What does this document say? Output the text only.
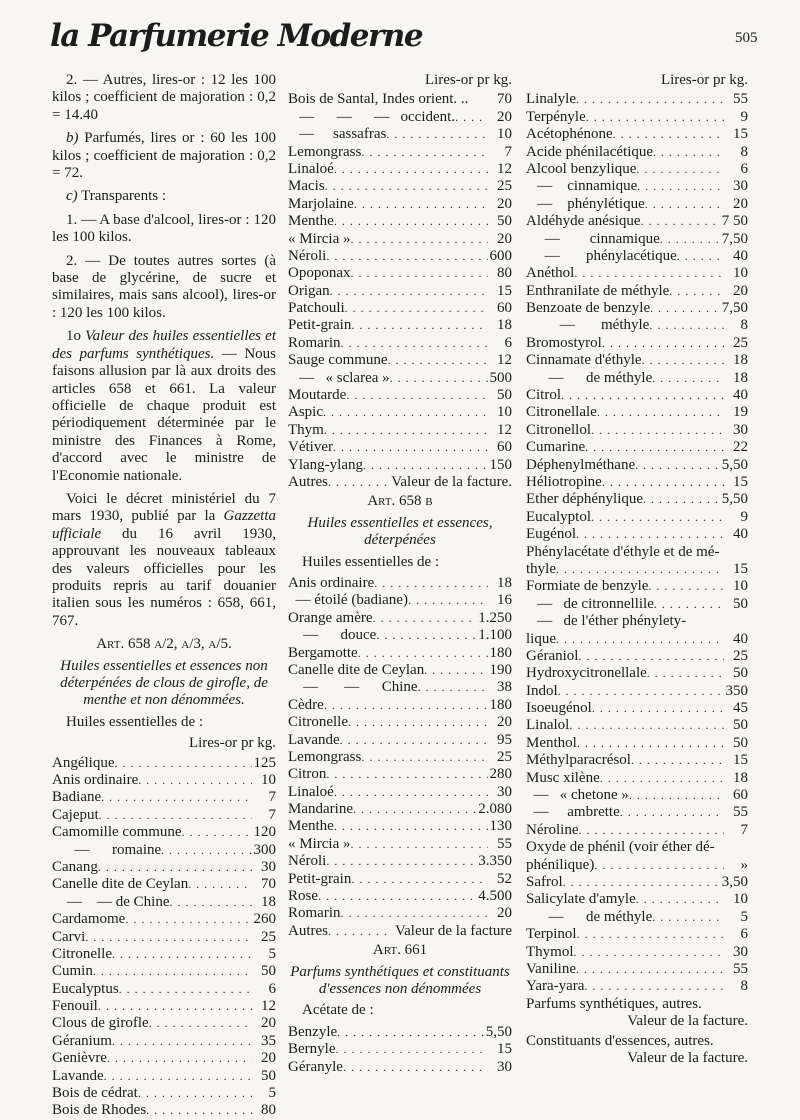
la Parfumerie Moderne	505

2. — Autres, lires-or : 12 les 100 kilos ; coefficient de majoration : 0,2 = 14.40

b) Parfumés, lires or : 60 les 100 kilos ; coefficient de majoration : 0,2 = 72.

c) Transparents :

1. — A base d'alcool, lires-or : 120 les 100 kilos.

2. — De toutes autres sortes (à base de glycérine, de sucre et similaires, mais sans alcool), lires-or : 120 les 100 kilos.

1o Valeur des huiles essentielles et des parfums synthétiques. — Nous faisons allusion par là aux droits des articles 658 et 661. La valeur officielle de chaque produit est périodiquement déterminée par le ministre des Finances à Rome, d'accord avec le ministre de l'Economie nationale.

Voici le décret ministériel du 7 mars 1930, publié par la Gazzetta ufficiale du 16 avril 1930, approuvant les nouveaux tableaux des valeurs officielles pour les produits repris au tarif douanier italien sous les numéros : 658, 661, 767.

Art. 658 a/2, a/3, a/5.
Huiles essentielles et essences non déterpénées de clous de girofle, de menthe et non dénommées.
Huiles essentielles de :
Lires-or pr kg.
Angélique . . .	125
Anis ordinaire . . .	10
Badiane . . .	7
Cajeput . . .	7
Camomille commune . . .	120
—      romaine . . .	300
Canang . . .	30
Canelle dite de Ceylan . . .	70
—    — de Chine . . .	18
Cardamome . . .	260
Carvi . . .	25
Citronelle . . .	5
Cumin . . .	50
Eucalyptus . . .	6
Fenouil . . .	12
Clous de girofle . . .	20
Géranium . . .	35
Genièvre . . .	20
Lavande . . .	50
Bois de cédrat . . .	5
Bois de Rhodes . . .	80
Lires-or pr kg.
Bois de Santal, Indes orient. ..	70
—      —      —   occident. . . .	20
—     sassafras . . .	10
Lemongrass . . .	7
Linaloé . . .	12
Macis . . .	25
Marjolaine . . .	20
Menthe . . .	50
« Mircia » . . .	20
Néroli . . .	600
Opoponax . . .	80
Origan . . .	15
Patchouli . . .	60
Petit-grain . . .	18
Romarin . . .	6
Sauge commune . . .	12
—   « sclarea » . . .	500
Moutarde . . .	50
Aspic . . .	10
Thym . . .	12
Vétiver . . .	60
Ylang-ylang . . .	150
Autres . . .	Valeur de la facture.
Art. 658 b
Huiles essentielles et essences, déterpénées
Huiles essentielles de :
Anis ordinaire . . .	18
— étoilé (badiane) . . .	16
Orange amère . . .	1.250
—      douce . . .	1.100
Bergamotte . . .	180
Canelle dite de Ceylan . . .	190
—       —      Chine . . .	38
Cèdre . . .	180
Citronelle . . .	20
Lavande . . .	95
Lemongrass . . .	25
Citron . . .	280
Linaloé . . .	30
Mandarine . . .	2.080
Menthe . . .	130
« Mircia » . . .	55
Néroli . . .	3.350
Petit-grain . . .	52
Rose . . .	4.500
Romarin . . .	20
Autres . . .	Valeur de la facture
Art. 661
Parfums synthétiques et constituants d'essences non dénommées
Acétate de :
Benzyle . . .	5,50
Bernyle . . .	15
Géranyle . . .	30
Lires-or pr kg.
Linalyle . . .	55
Terpényle . . .	9
Acétophénone . . .	15
Acide phénilacétique . . .	8
Alcool benzylique . . .	6
—    cinnamique . . .	30
—    phénylétique . . .	20
Aldéhyde anésique . . .	7 50
—        cinnamique . . .	7,50
—       phénylacétique . . .	40
Anéthol . . .	10
Enthranilate de méthyle . . .	20
Benzoate de benzyle . . .	7,50
—       méthyle . . .	8
Bromostyrol . . .	25
Cinnamate d'éthyle . . .	18
—      de méthyle . . .	18
Citrol . . .	40
Citronellale . . .	19
Citronellol . . .	30
Cumarine . . .	22
Déphenylméthane . . .	5,50
Héliotropine . . .	15
Ether déphénylique . . .	5,50
Eucalyptol . . .	9
Eugénol . . .	40
Phénylacétate d'éthyle et de mé-
thyle . . .	15
Formiate de benzyle . . .	10
—   de citronnellile . . .	50
—   de l'éther phénylety-
lique . . .	40
Géraniol . . .	25
Hydroxycitronellale . . .	50
Indol . . .	350
Isoeugénol . . .	45
Linalol . . .	50
Menthol . . .	50
Méthylparacrésol . . .	15
Musc xilène . . .	18
—   « chetone » . . .	60
—     ambrette . . .	55
Néroline . . .	7
Oxyde de phénil (voir éther dé-
phénilique) . . .	»
Safrol . . .	3,50
Salicylate d'amyle . . .	10
—      de méthyle . . .	5
Terpinol . . .	6
Thymol . . .	30
Vaniline . . .	55
Yara-yara . . .	8
Parfums synthétiques, autres.
Valeur de la facture.
Constituants d'essences, autres.
Valeur de la facture.
